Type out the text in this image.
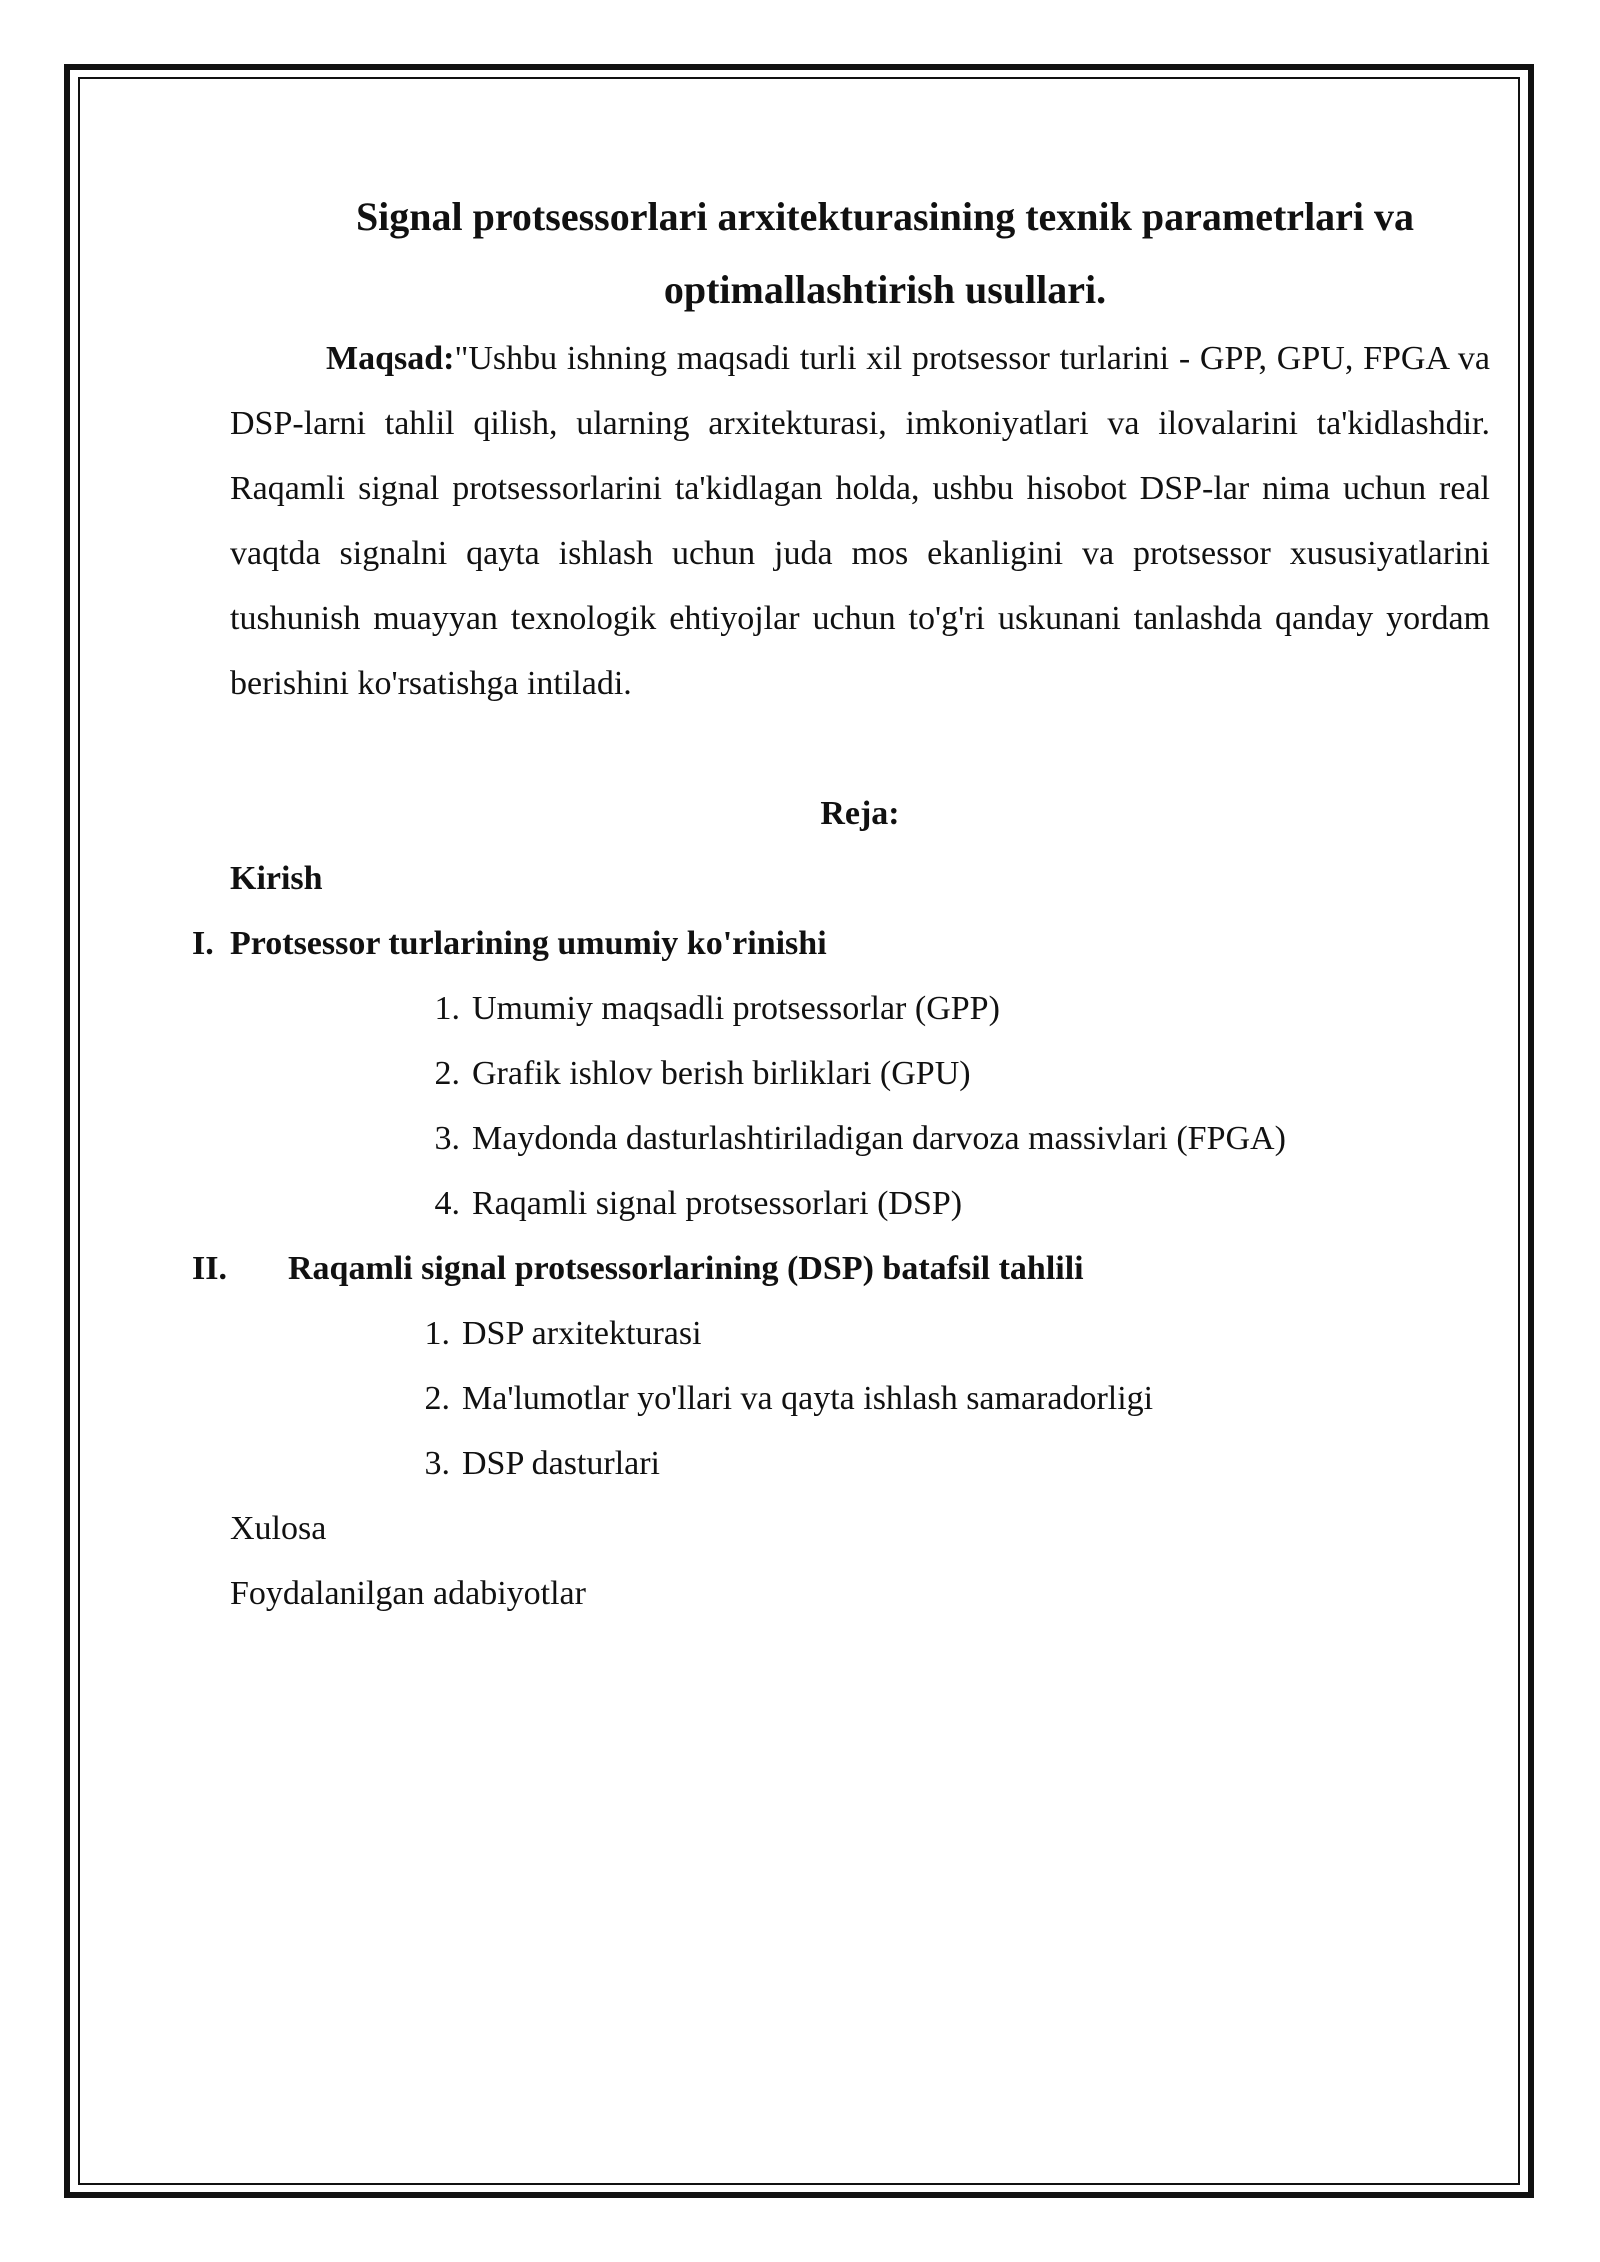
Signal protsessorlari arxitekturasining texnik parametrlari va
optimallashtirish usullari.

Maqsad:"Ushbu ishning maqsadi turli xil protsessor turlarini - GPP, GPU, FPGA va DSP-larni tahlil qilish, ularning arxitekturasi, imkoniyatlari va ilovalarini ta'kidlashdir. Raqamli signal protsessorlarini ta'kidlagan holda, ushbu hisobot DSP-lar nima uchun real vaqtda signalni qayta ishlash uchun juda mos ekanligini va protsessor xususiyatlarini tushunish muayyan texnologik ehtiyojlar uchun to'g'ri uskunani tanlashda qanday yordam berishini ko'rsatishga intiladi.

Reja:
Kirish
I. Protsessor turlarining umumiy ko'rinishi
1. Umumiy maqsadli protsessorlar (GPP)
2. Grafik ishlov berish birliklari (GPU)
3. Maydonda dasturlashtiriladigan darvoza massivlari (FPGA)
4. Raqamli signal protsessorlari (DSP)
II. Raqamli signal protsessorlarining (DSP) batafsil tahlili
1. DSP arxitekturasi
2. Ma'lumotlar yo'llari va qayta ishlash samaradorligi
3. DSP dasturlari
Xulosa
Foydalanilgan adabiyotlar
